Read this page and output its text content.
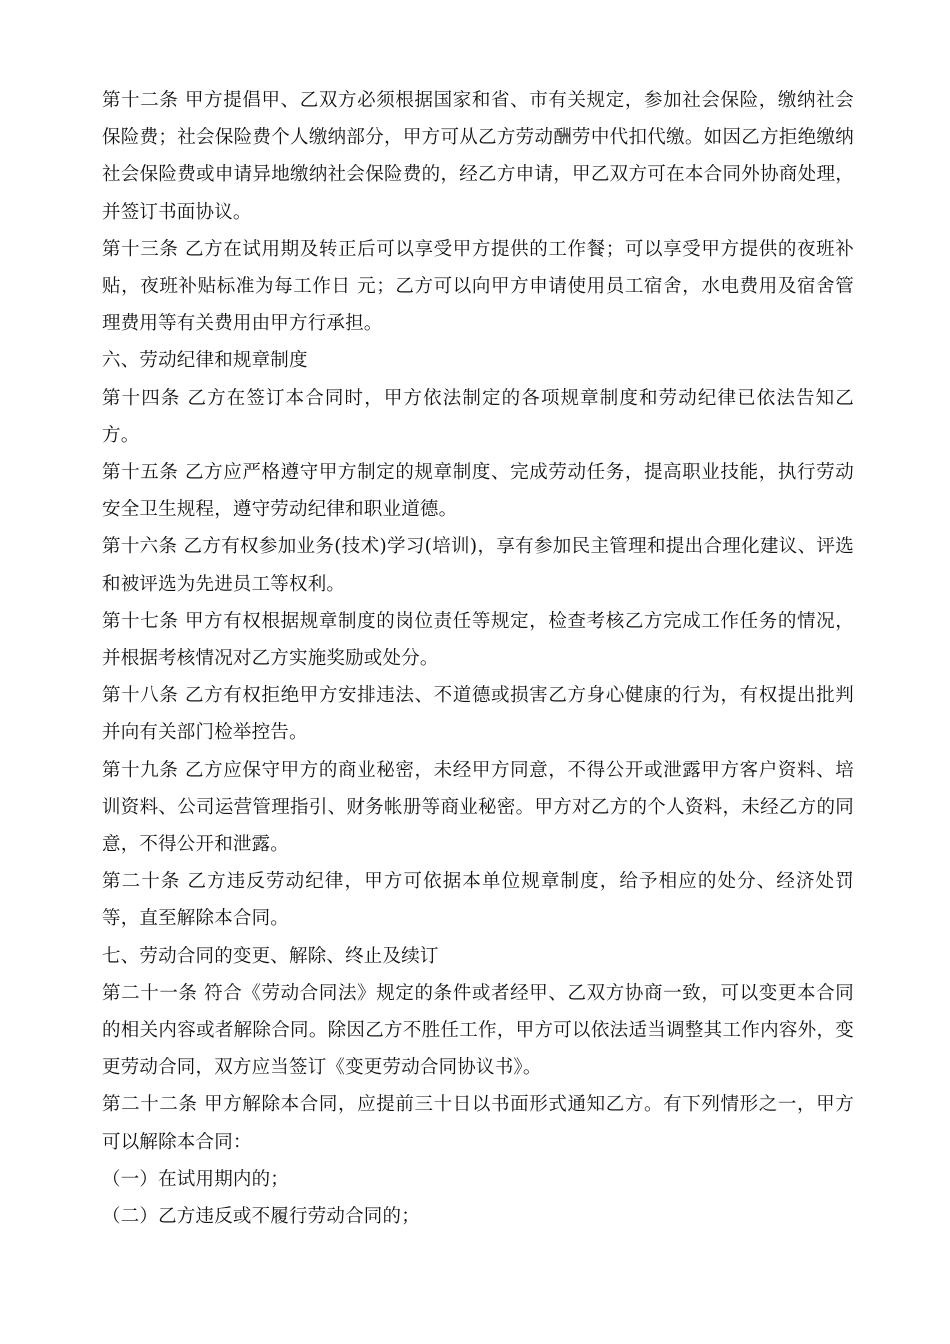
第十二条 甲方提倡甲、乙双方必须根据国家和省、市有关规定，参加社会保险，缴纳社会保险费；社会保险费个人缴纳部分，甲方可从乙方劳动酬劳中代扣代缴。如因乙方拒绝缴纳社会保险费或申请异地缴纳社会保险费的，经乙方申请，甲乙双方可在本合同外协商处理，并签订书面协议。

第十三条 乙方在试用期及转正后可以享受甲方提供的工作餐；可以享受甲方提供的夜班补贴，夜班补贴标准为每工作日 元；乙方可以向甲方申请使用员工宿舍，水电费用及宿舍管理费用等有关费用由甲方行承担。

六、劳动纪律和规章制度

第十四条 乙方在签订本合同时，甲方依法制定的各项规章制度和劳动纪律已依法告知乙方。

第十五条 乙方应严格遵守甲方制定的规章制度、完成劳动任务，提高职业技能，执行劳动安全卫生规程，遵守劳动纪律和职业道德。

第十六条 乙方有权参加业务(技术)学习(培训)，享有参加民主管理和提出合理化建议、评选和被评选为先进员工等权利。

第十七条 甲方有权根据规章制度的岗位责任等规定，检查考核乙方完成工作任务的情况，并根据考核情况对乙方实施奖励或处分。

第十八条 乙方有权拒绝甲方安排违法、不道德或损害乙方身心健康的行为，有权提出批判并向有关部门检举控告。

第十九条 乙方应保守甲方的商业秘密，未经甲方同意，不得公开或泄露甲方客户资料、培训资料、公司运营管理指引、财务帐册等商业秘密。甲方对乙方的个人资料，未经乙方的同意，不得公开和泄露。

第二十条 乙方违反劳动纪律，甲方可依据本单位规章制度，给予相应的处分、经济处罚等，直至解除本合同。

七、劳动合同的变更、解除、终止及续订

第二十一条 符合《劳动合同法》规定的条件或者经甲、乙双方协商一致，可以变更本合同的相关内容或者解除合同。除因乙方不胜任工作，甲方可以依法适当调整其工作内容外，变更劳动合同，双方应当签订《变更劳动合同协议书》。

第二十二条 甲方解除本合同，应提前三十日以书面形式通知乙方。有下列情形之一，甲方可以解除本合同：

（一）在试用期内的；

（二）乙方违反或不履行劳动合同的；
